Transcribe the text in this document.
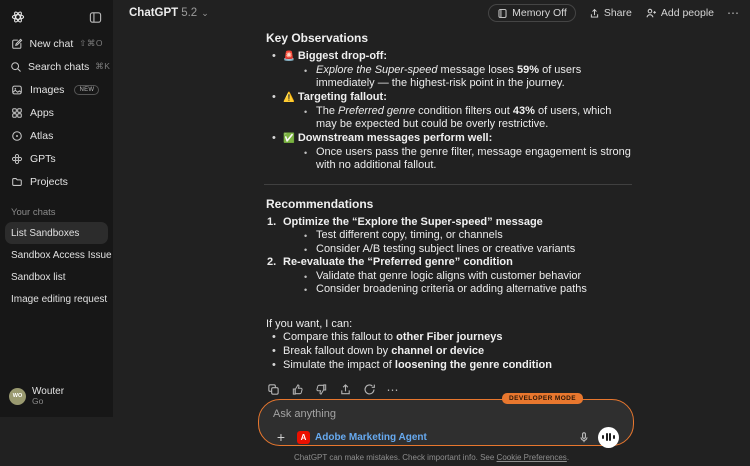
New chat ⇧⌘O
Search chats ⌘K
Images	NEW
Apps
Atlas
GPTs
Projects
Your chats
List Sandboxes
Sandbox Access Issue
Sandbox list
Image editing request
WO Wouter
Go
ChatGPT 5.2 ⌄	Memory Off	Share	Add people ⋯
Key Observations
• 🚨 Biggest drop-off:
• Explore the Super-speed message loses 59% of users immediately — the highest-risk point in the journey.
• ⚠️ Targeting fallout:
• The Preferred genre condition filters out 43% of users, which may be expected but could be overly restrictive.
• ✅ Downstream messages perform well:
• Once users pass the genre filter, message engagement is strong with no additional fallout.
Recommendations
1. Optimize the “Explore the Super-speed” message
• Test different copy, timing, or channels
• Consider A/B testing subject lines or creative variants
2. Re-evaluate the “Preferred genre” condition
• Validate that genre logic aligns with customer behavior
• Consider broadening criteria or adding alternative paths

If you want, I can:

• Compare this fallout to other Fiber journeys
• Break fallout down by channel or device
• Simulate the impact of loosening the genre condition
⋯
DEVELOPER MODE
Ask anything
+	A Adobe Marketing Agent
ChatGPT can make mistakes. Check important info. See Cookie Preferences.
